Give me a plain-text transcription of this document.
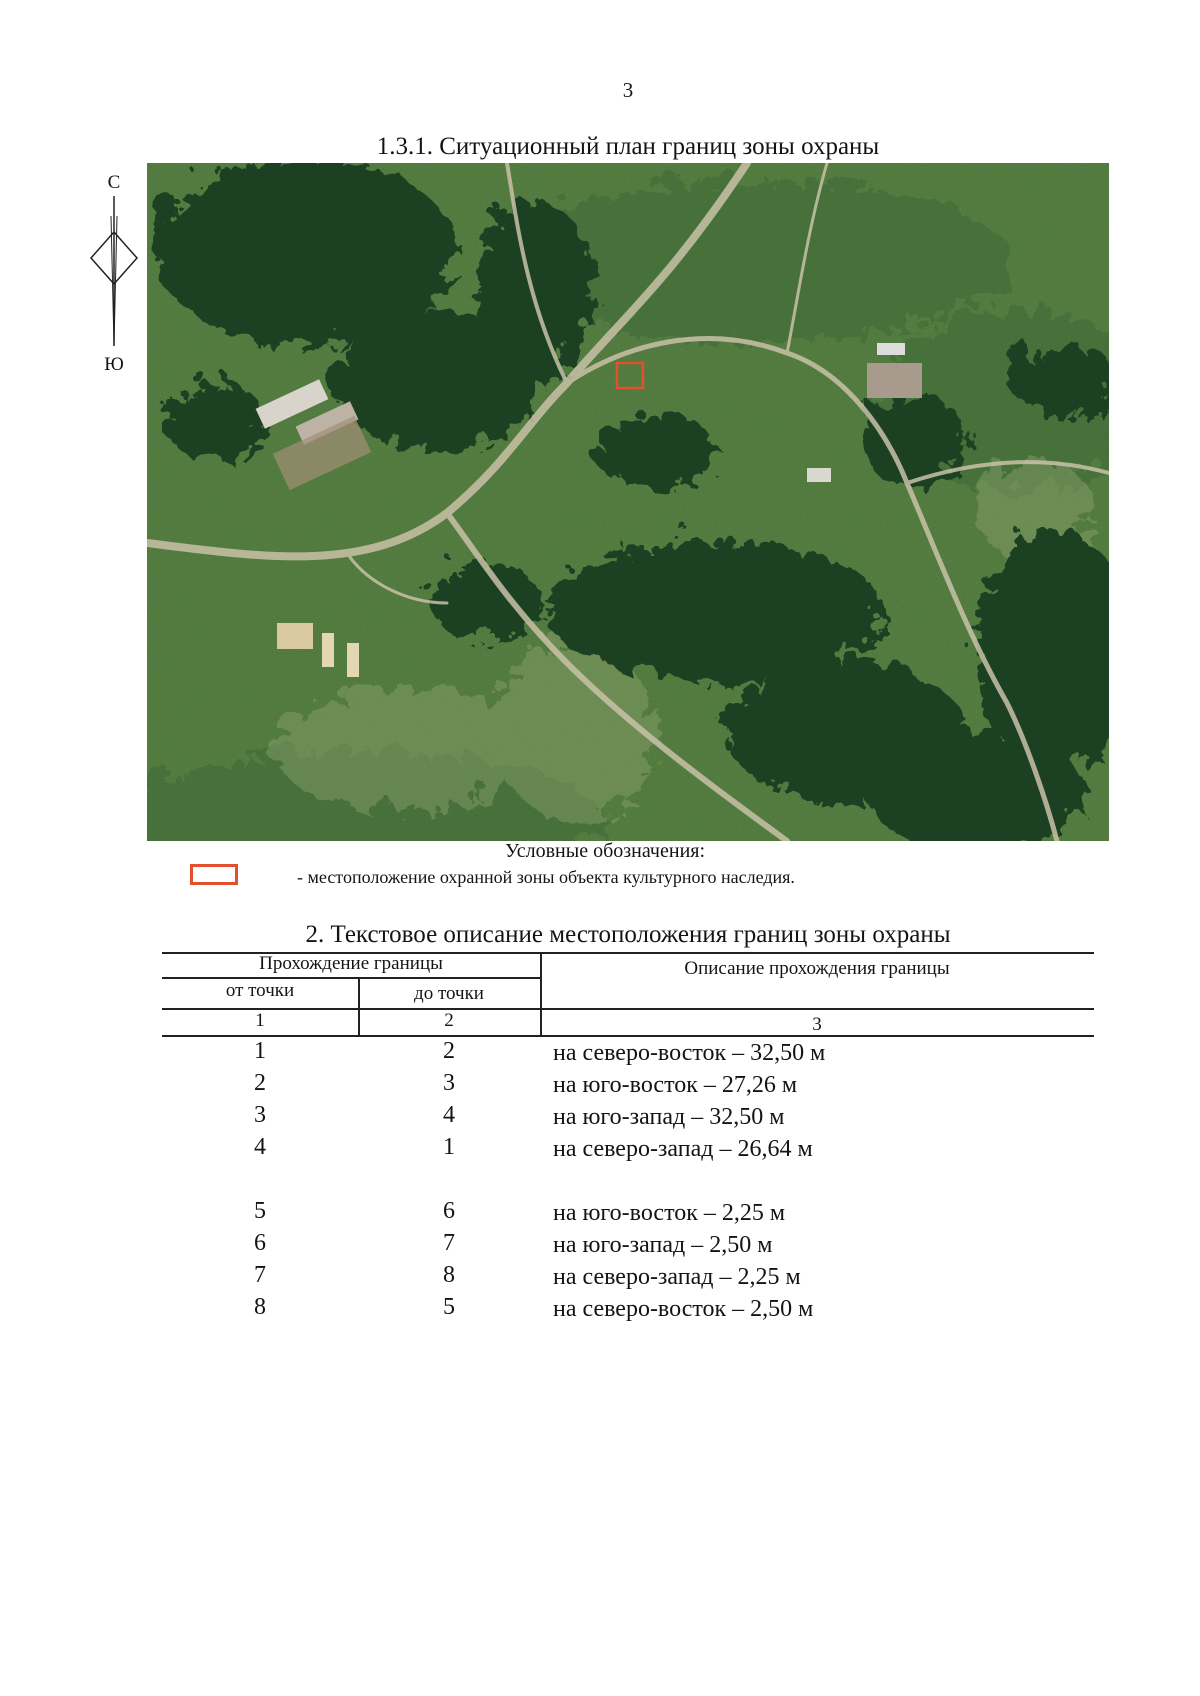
3
1.3.1. Ситуационный план границ зоны охраны
С
Ю
Условные обозначения:
- местоположение охранной зоны объекта культурного наследия.
2. Текстовое описание местоположения границ зоны охраны
Прохождение границы
от точки	до точки
Описание прохождения границы
1	2	3
1	2	на северо-восток – 32,50 м
2	3	на юго-восток – 27,26 м
3	4	на юго-запад – 32,50 м
4	1	на северо-запад – 26,64 м
5	6	на юго-восток – 2,25 м
6	7	на юго-запад – 2,50 м
7	8	на северо-запад – 2,25 м
8	5	на северо-восток – 2,50 м
